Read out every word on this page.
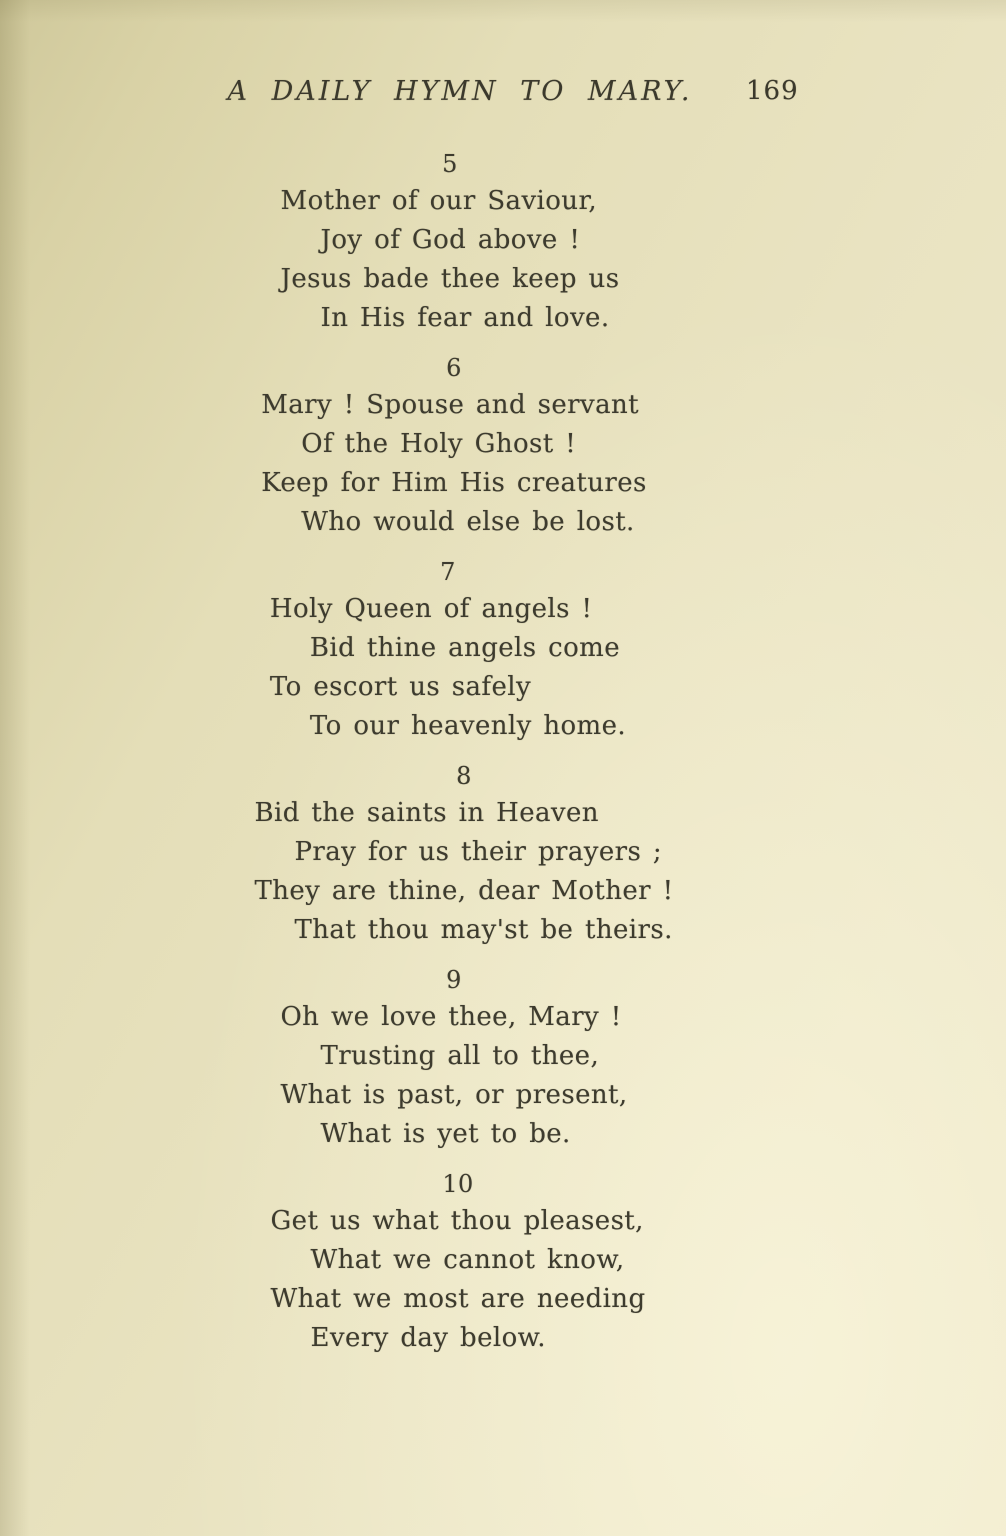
A DAILY HYMN TO MARY.	169
5
Mother of our Saviour,
Joy of God above !
Jesus bade thee keep us
In His fear and love.
6
Mary ! Spouse and servant
Of the Holy Ghost !
Keep for Him His creatures
Who would else be lost.
7
Holy Queen of angels !
Bid thine angels come
To escort us safely
To our heavenly home.
8
Bid the saints in Heaven
Pray for us their prayers ;
They are thine, dear Mother !
That thou may'st be theirs.
9
Oh we love thee, Mary !
Trusting all to thee,
What is past, or present,
What is yet to be.
10
Get us what thou pleasest,
What we cannot know,
What we most are needing
Every day below.
